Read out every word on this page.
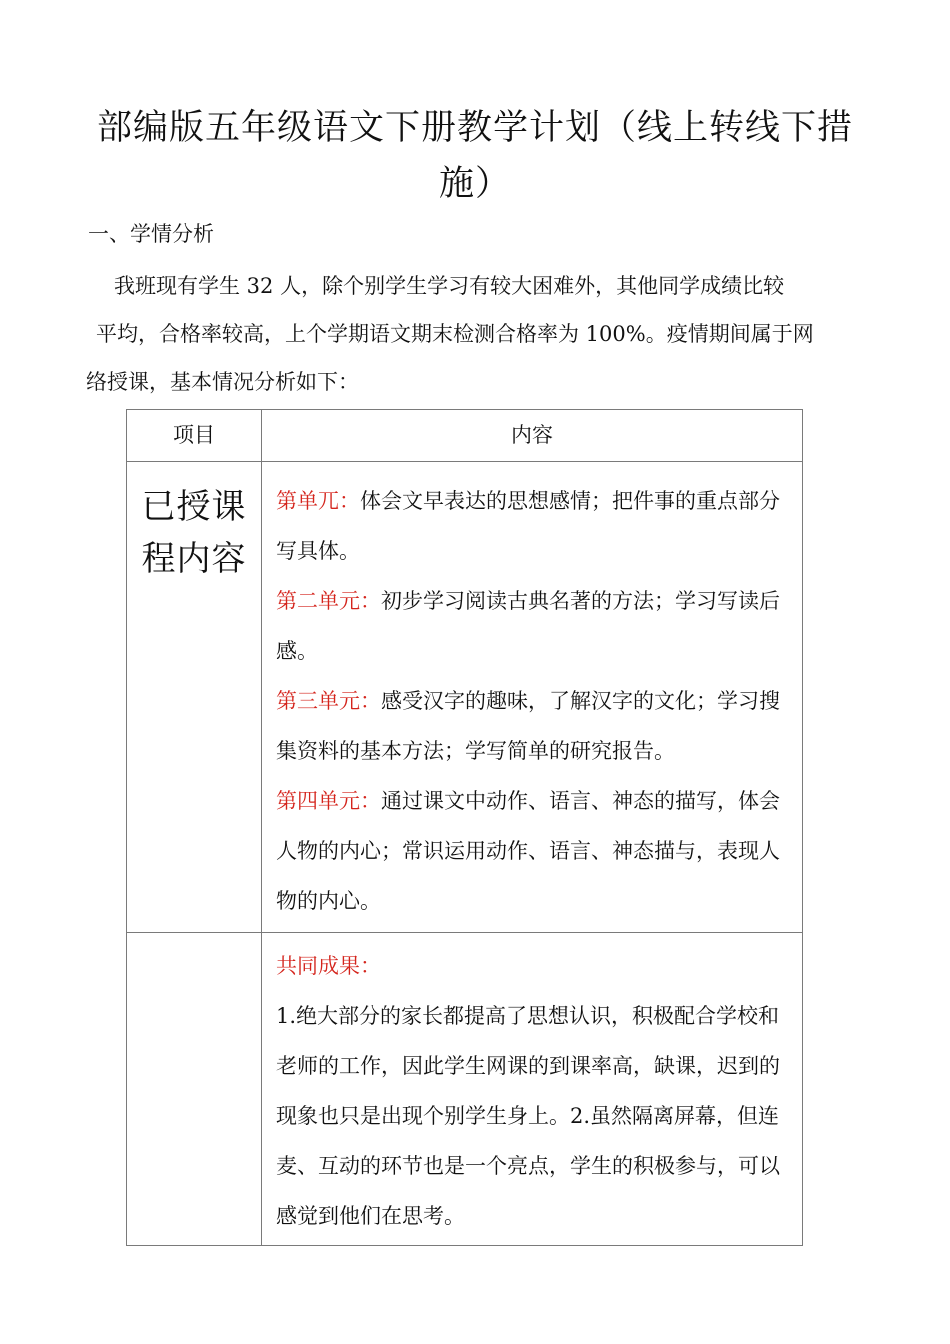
部编版五年级语文下册教学计划（线上转线下措施）
一、学情分析
我班现有学生 32 人，除个别学生学习有较大困难外，其他同学成绩比较
平均，合格率较高，上个学期语文期末检测合格率为 100%。疫情期间属于网
络授课，基本情况分析如下：
项目	内容

已授课程内容	第单兀：体会文早表达的思想感情；把件事的重点部分写具体。

第二单元：初步学习阅读古典名著的方法；学习写读后感。

第三单元：感受汉字的趣味，了解汉字的文化；学习搜集资料的基本方法；学写简单的研究报告。

第四单元：通过课文中动作、语言、神态的描写，体会人物的内心；常识运用动作、语言、神态描与，表现人物的内心。

	共同成果：

1.绝大部分的家长都提高了思想认识，积极配合学校和老师的工作，因此学生网课的到课率高，缺课，迟到的现象也只是出现个别学生身上。2.虽然隔离屏幕，但连麦、互动的环节也是一个亮点，学生的积极参与，可以感觉到他们在思考。
